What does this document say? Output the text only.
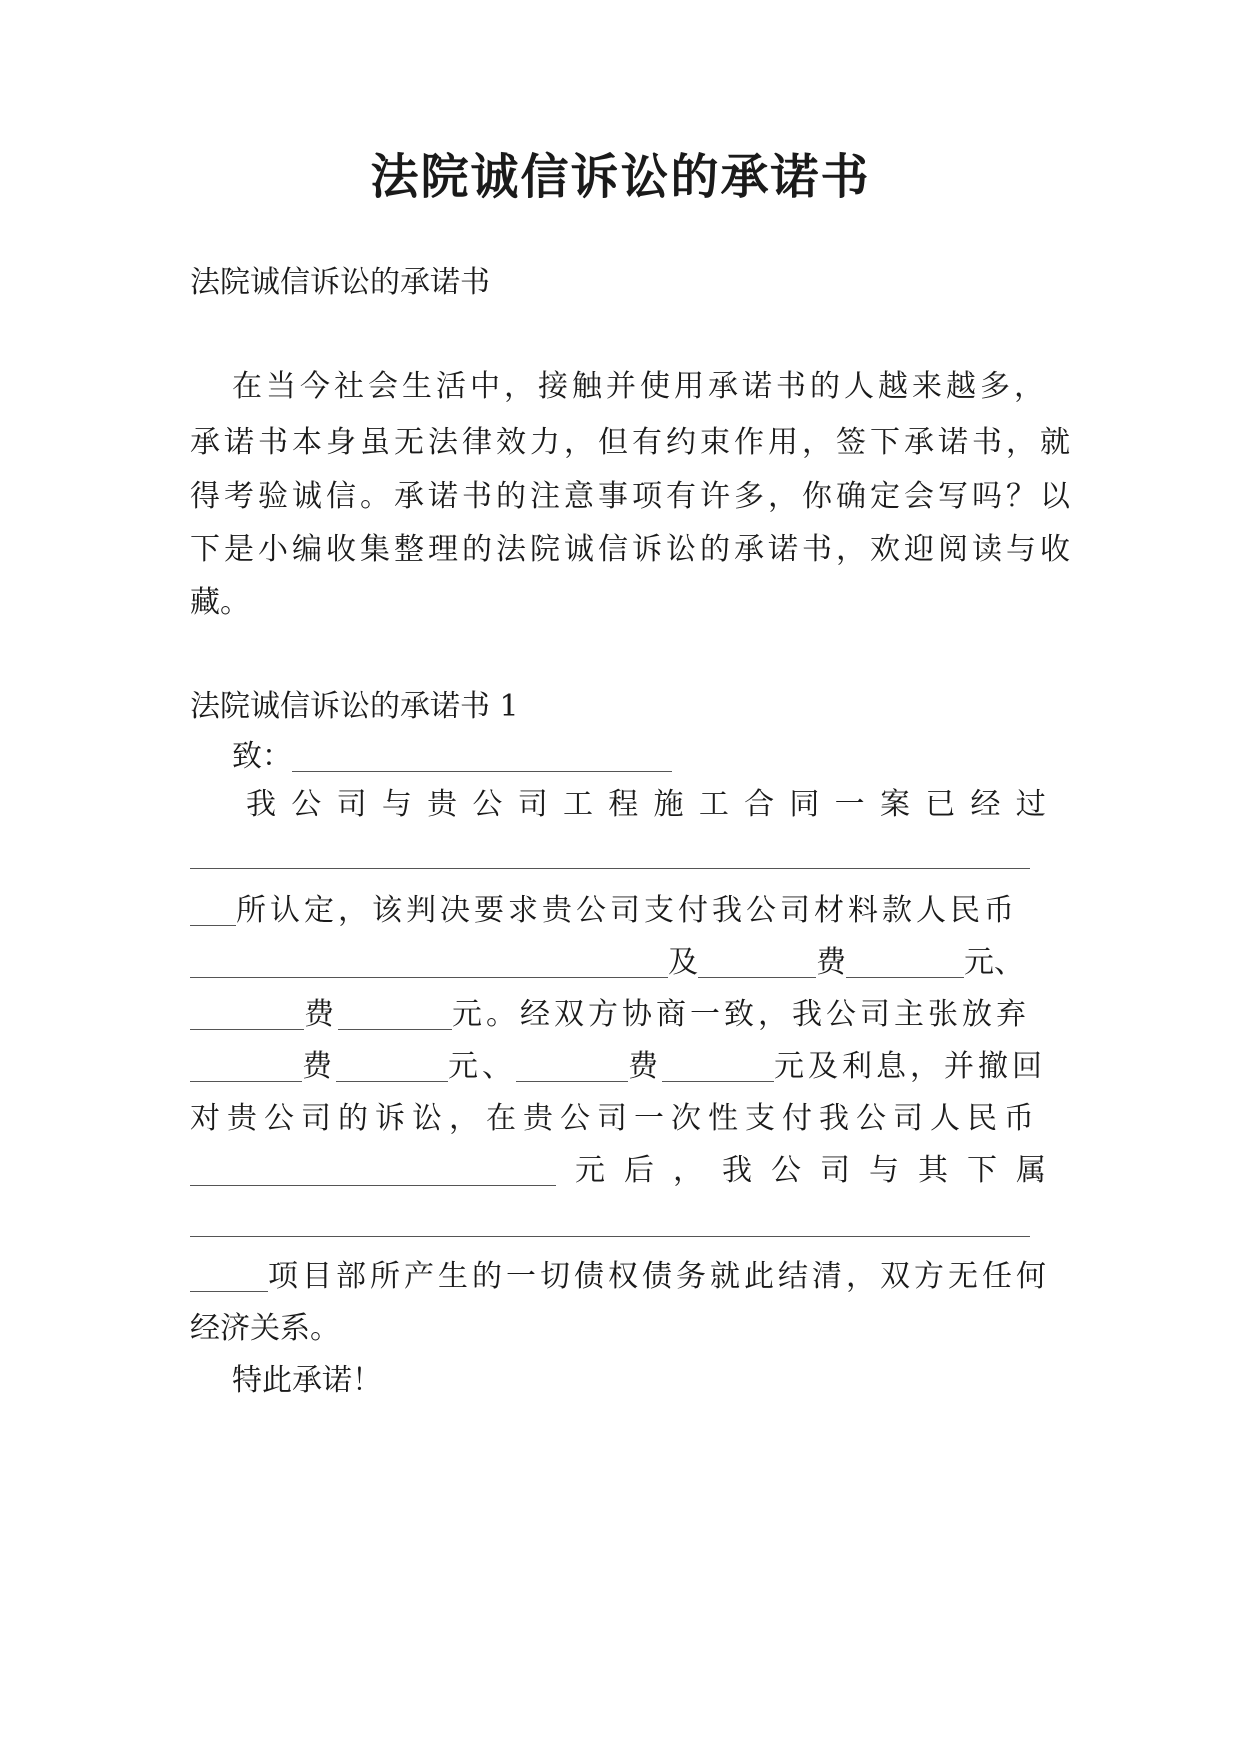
法院诚信诉讼的承诺书
法院诚信诉讼的承诺书
在当今社会生活中，接触并使用承诺书的人越来越多，
承诺书本身虽无法律效力，但有约束作用，签下承诺书，就
得考验诚信。承诺书的注意事项有许多，你确定会写吗？以
下是小编收集整理的法院诚信诉讼的承诺书，欢迎阅读与收
藏。
法院诚信诉讼的承诺书 1
致：
我 公 司 与 贵 公 司 工 程 施 工 合 同 一 案 已 经 过
所认定，该判决要求贵公司支付我公司材料款人民币
及	费	元、
费	元。经双方协商一致，我公司主张放弃
费	元、	费	元及利息，并撤回
对贵公司的诉讼，在贵公司一次性支付我公司人民币
元 后 ， 我 公 司 与 其 下 属
项目部所产生的一切债权债务就此结清，双方无任何
经济关系。
特此承诺！
